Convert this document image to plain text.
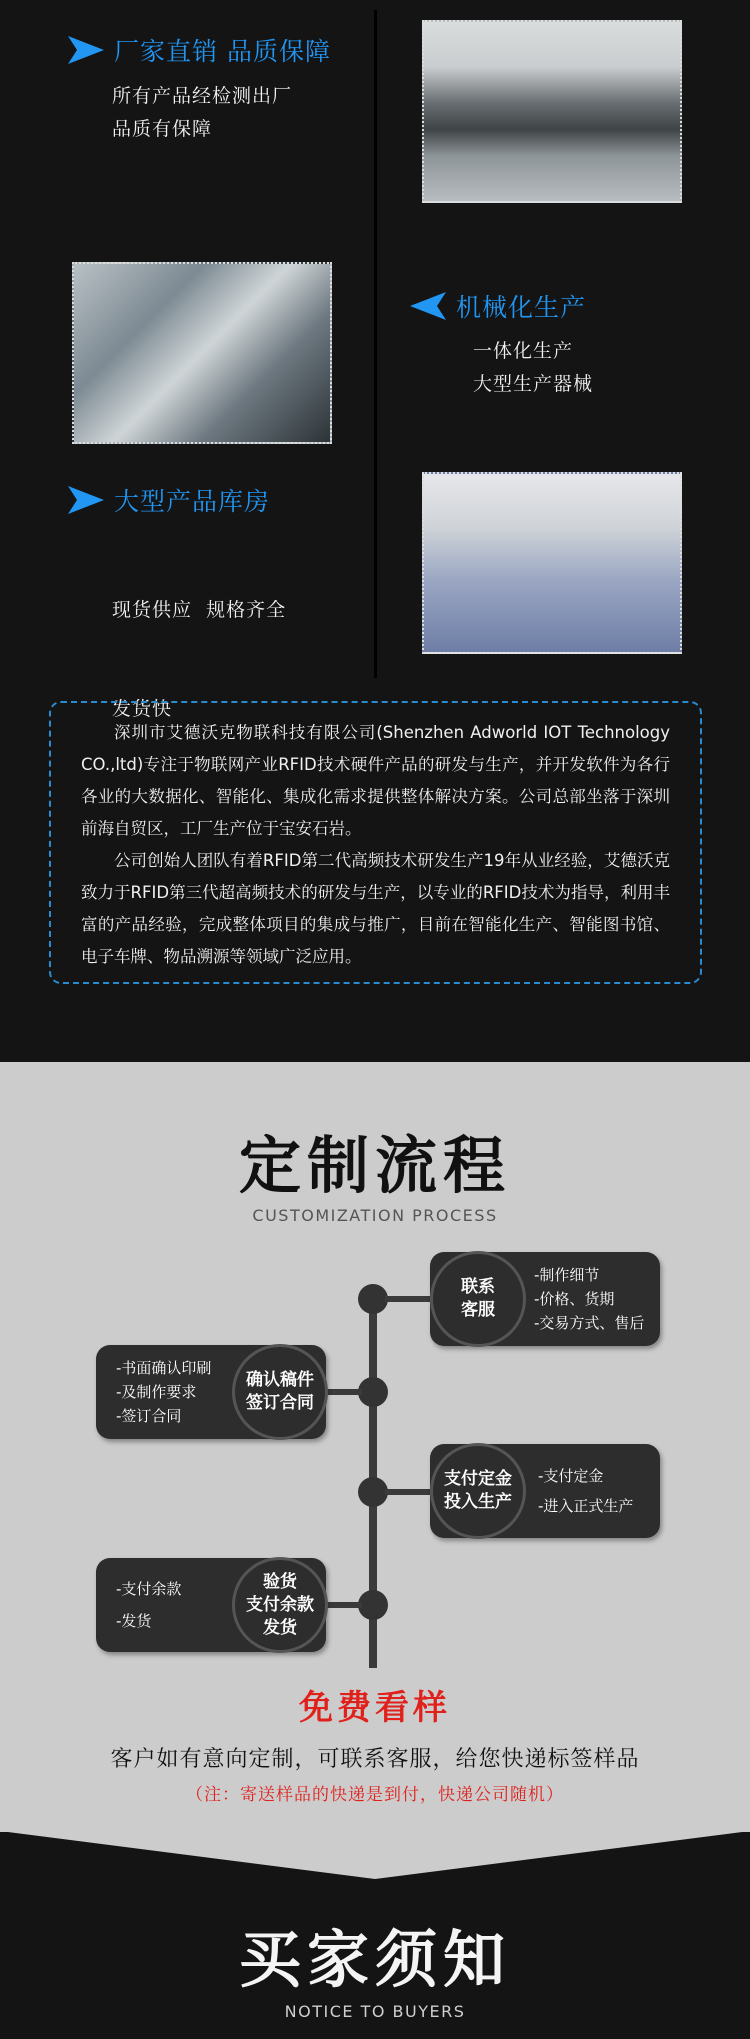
厂家直销 品质保障
所有产品经检测出厂
品质有保障
机械化生产
一体化生产
大型生产器械
大型产品库房

现货供应  规格齐全

发货快

深圳市艾德沃克物联科技有限公司(Shenzhen Adworld IOT Technology CO.,ltd)专注于物联网产业RFID技术硬件产品的研发与生产，并开发软件为各行各业的大数据化、智能化、集成化需求提供整体解决方案。公司总部坐落于深圳前海自贸区，工厂生产位于宝安石岩。

公司创始人团队有着RFID第二代高频技术研发生产19年从业经验，艾德沃克致力于RFID第三代超高频技术的研发与生产，以专业的RFID技术为指导，利用丰富的产品经验，完成整体项目的集成与推广，目前在智能化生产、智能图书馆、电子车牌、物品溯源等领域广泛应用。

定制流程
CUSTOMIZATION PROCESS
-制作细节
-价格、货期
-交易方式、售后
联系
客服
-书面确认印刷
-及制作要求
-签订合同
确认稿件
签订合同
-支付定金
-进入正式生产
支付定金
投入生产
-支付余款
-发货
验货
支付余款
发货
免费看样
客户如有意向定制，可联系客服，给您快递标签样品
（注：寄送样品的快递是到付，快递公司随机）
买家须知
NOTICE TO BUYERS
